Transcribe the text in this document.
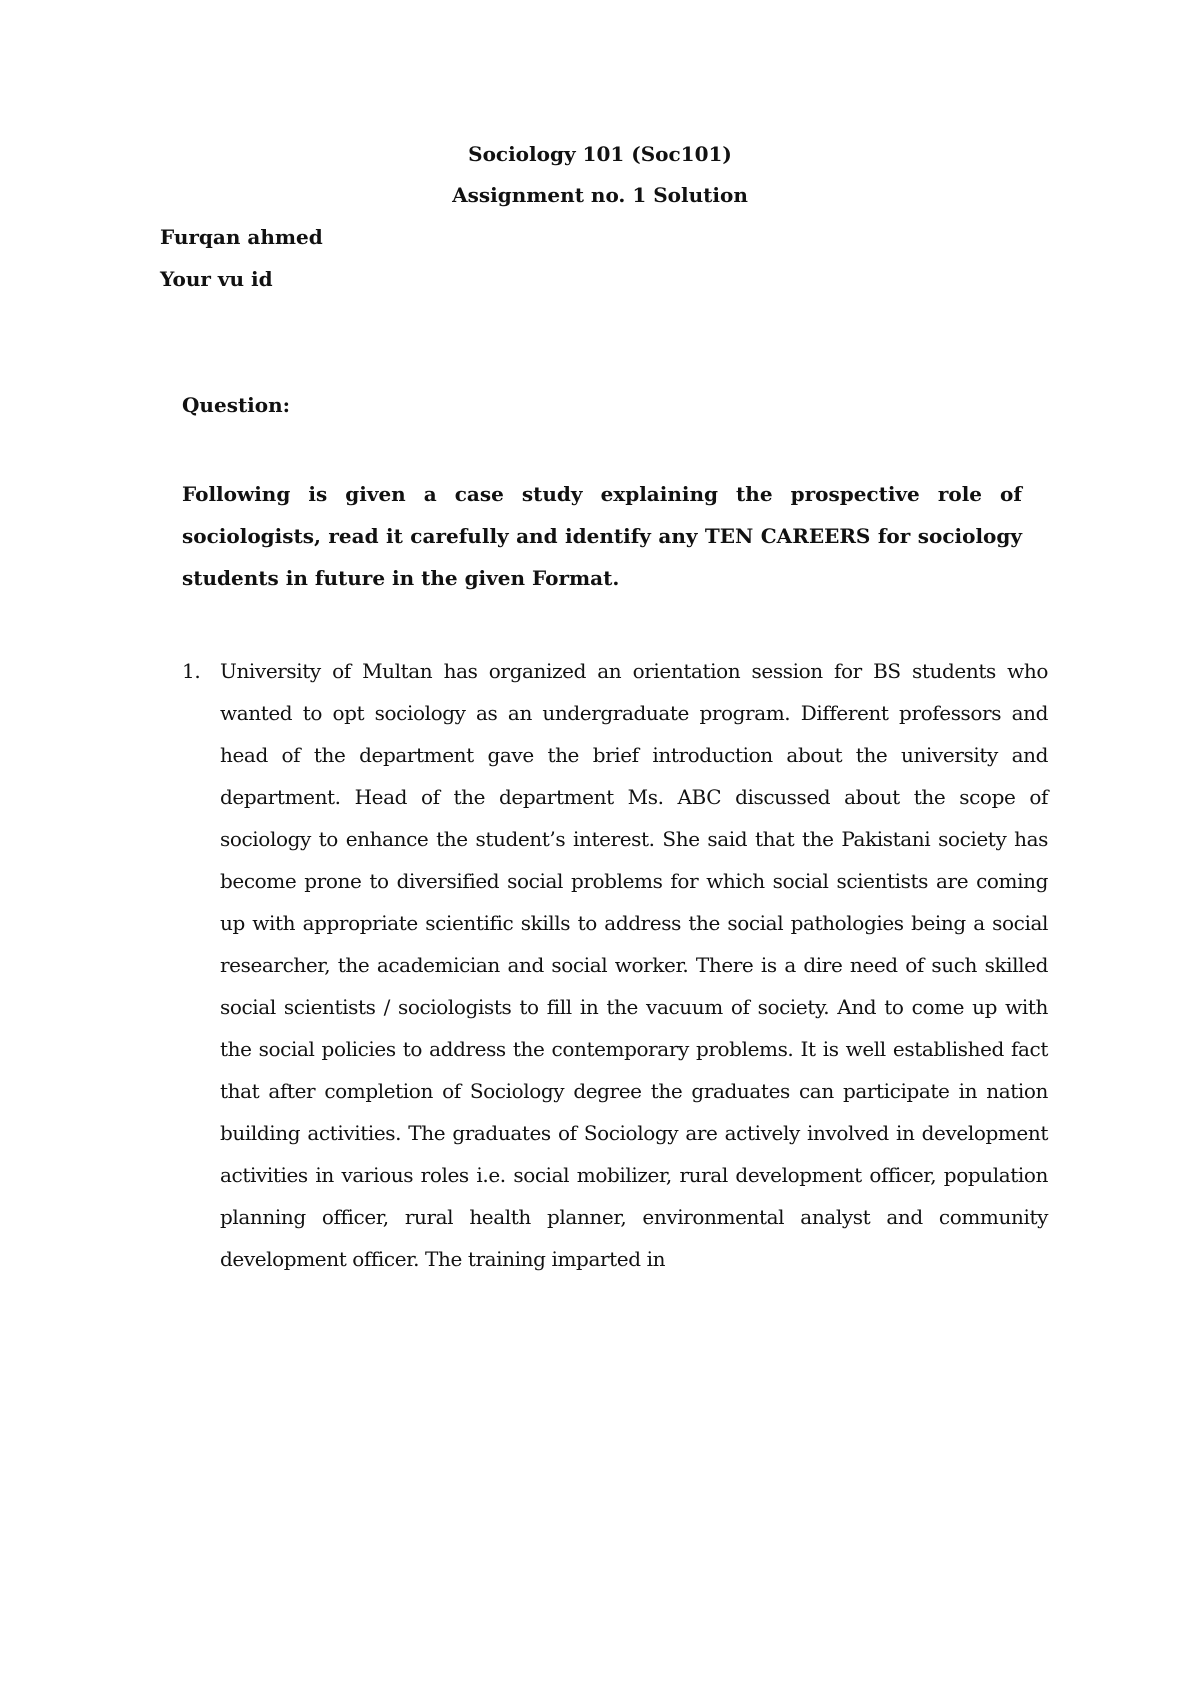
Sociology 101 (Soc101)

Assignment no. 1 Solution

Furqan ahmed

Your vu id

Question:

Following is given a case study explaining the prospective role of sociologists, read it carefully and identify any TEN CAREERS for sociology students in future in the given Format.

1. University of Multan has organized an orientation session for BS students who wanted to opt sociology as an undergraduate program. Different professors and head of the department gave the brief introduction about the university and department. Head of the department Ms. ABC discussed about the scope of sociology to enhance the student’s interest. She said that the Pakistani society has become prone to diversified social problems for which social scientists are coming up with appropriate scientific skills to address the social pathologies being a social researcher, the academician and social worker. There is a dire need of such skilled social scientists / sociologists to fill in the vacuum of society. And to come up with the social policies to address the contemporary problems. It is well established fact that after completion of Sociology degree the graduates can participate in nation building activities. The graduates of Sociology are actively involved in development activities in various roles i.e. social mobilizer, rural development officer, population planning officer, rural health planner, environmental analyst and community development officer. The training imparted in
